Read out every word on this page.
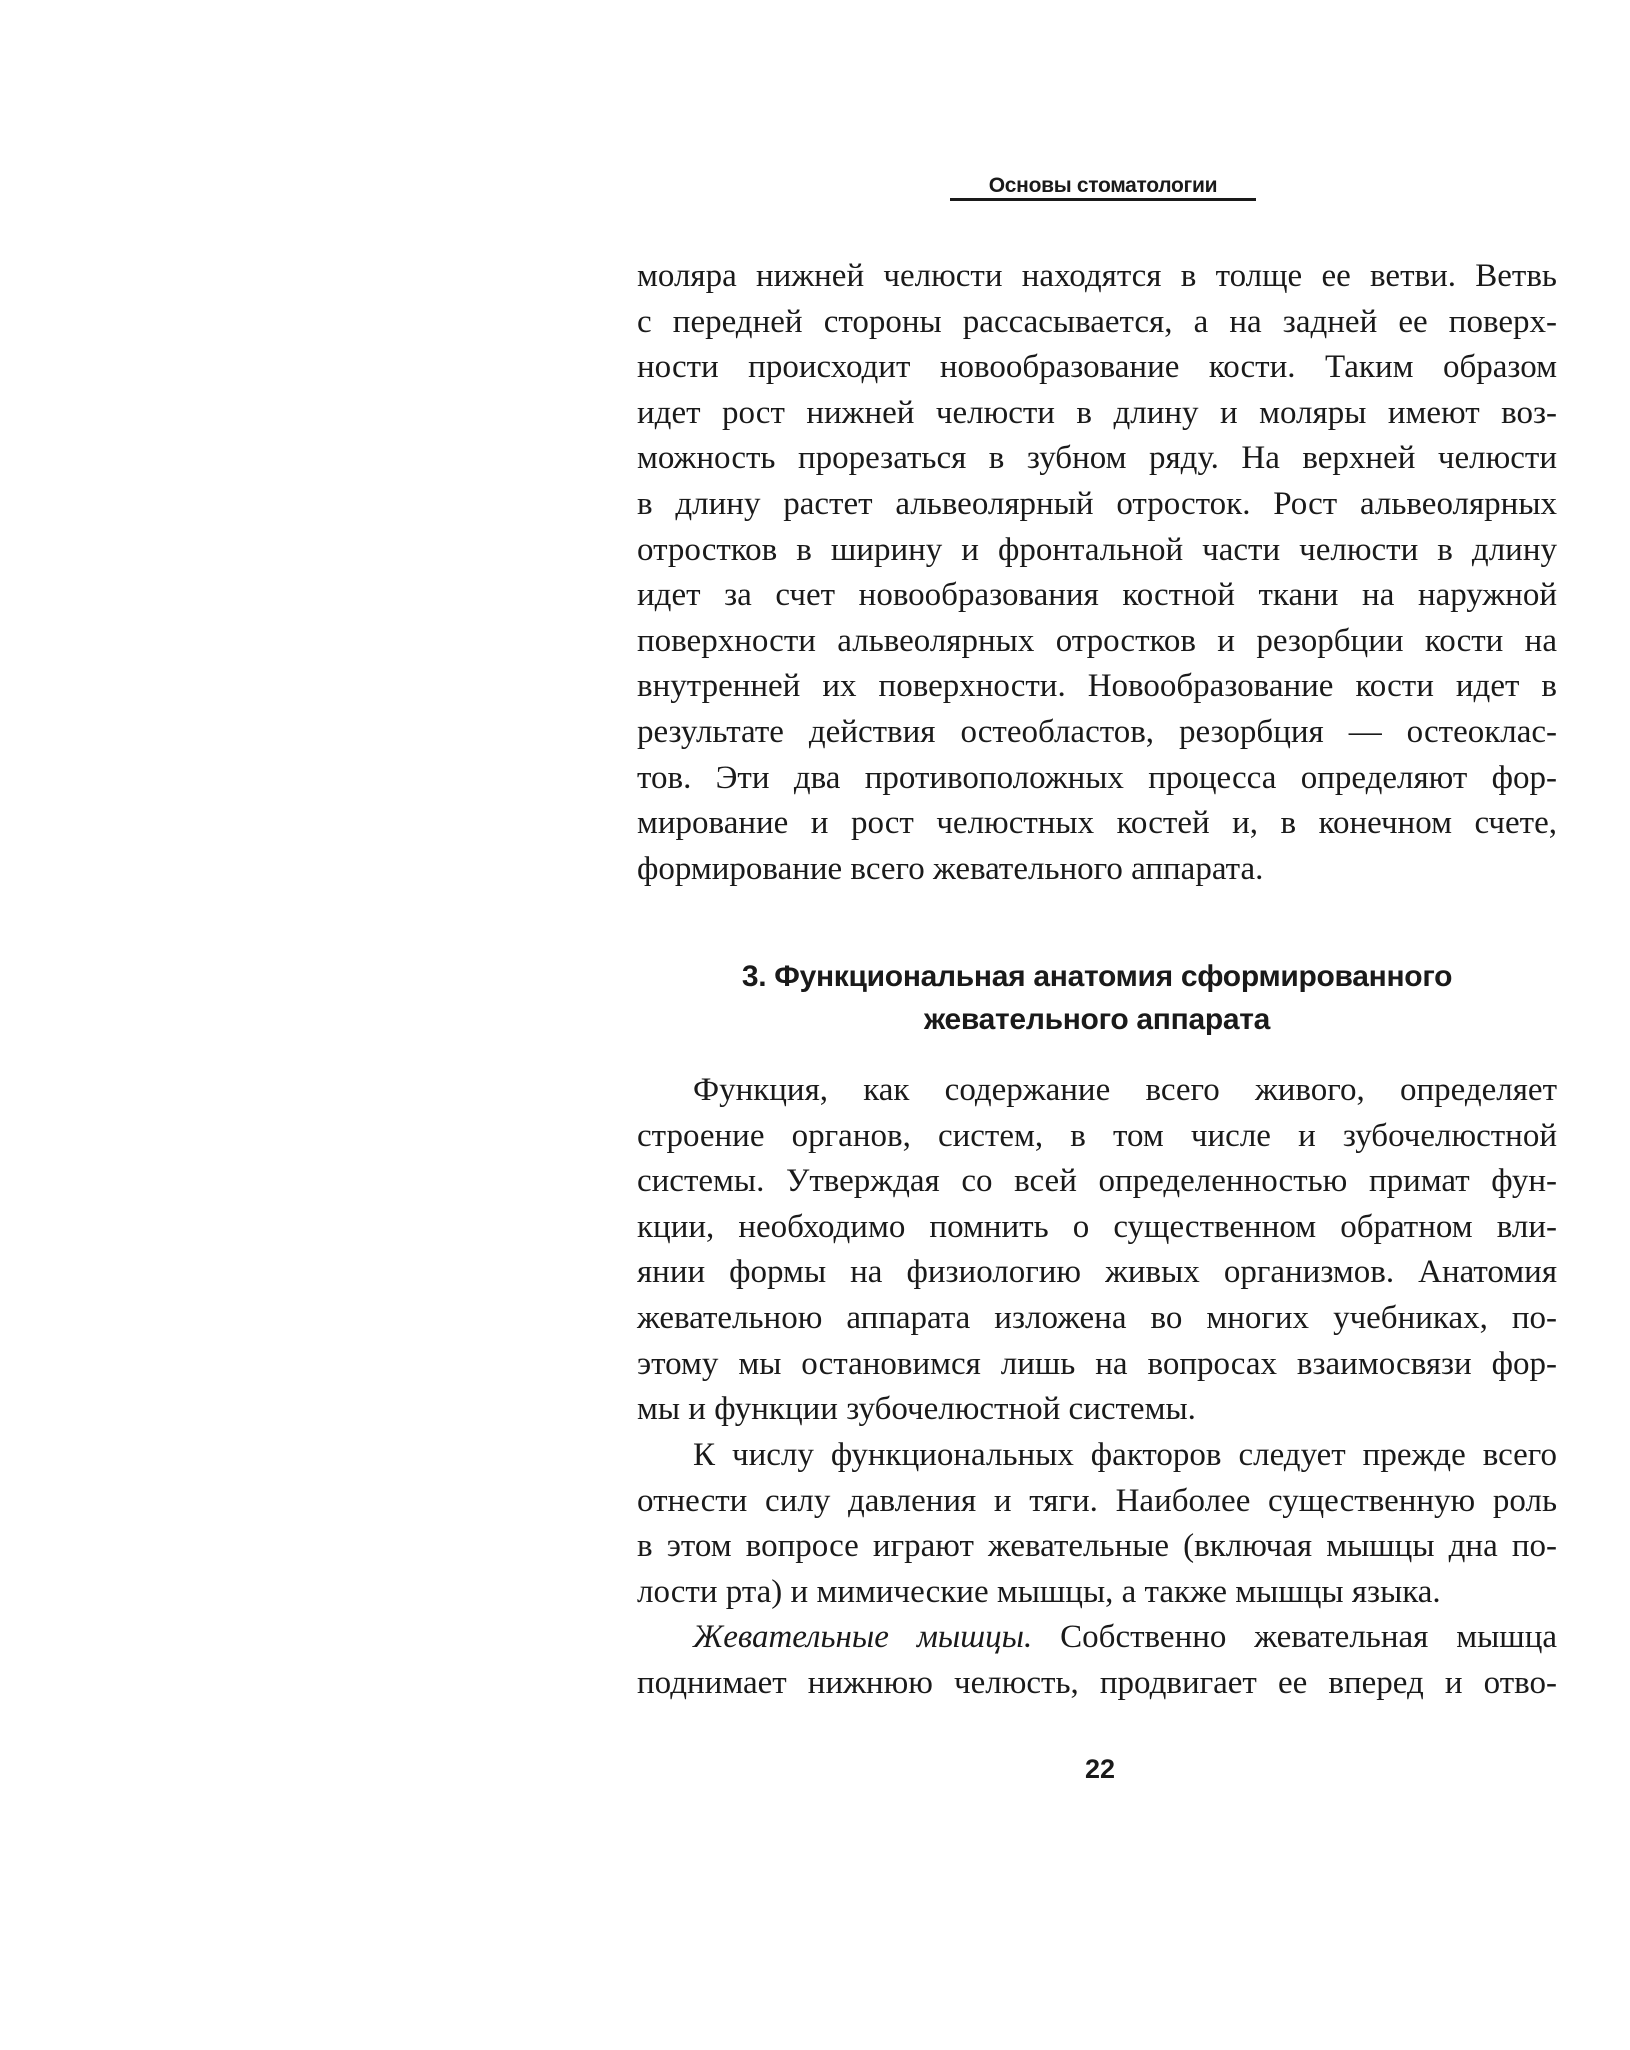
Основы стоматологии
моляра нижней челюсти находятся в толще ее ветви. Ветвь
с передней стороны рассасывается, а на задней ее поверх-
ности происходит новообразование кости. Таким образом
идет рост нижней челюсти в длину и моляры имеют воз-
можность прорезаться в зубном ряду. На верхней челюсти
в длину растет альвеолярный отросток. Рост альвеолярных
отростков в ширину и фронтальной части челюсти в длину
идет за счет новообразования костной ткани на наружной
поверхности альвеолярных отростков и резорбции кости на
внутренней их поверхности. Новообразование кости идет в
результате действия остеобластов, резорбция — остеоклас-
тов. Эти два противоположных процесса определяют фор-
мирование и рост челюстных костей и, в конечном счете,
формирование всего жевательного аппарата.
3. Функциональная анатомия сформированного
жевательного аппарата
Функция, как содержание всего живого, определяет
строение органов, систем, в том числе и зубочелюстной
системы. Утверждая со всей определенностью примат фун-
кции, необходимо помнить о существенном обратном вли-
янии формы на физиологию живых организмов. Анатомия
жевательною аппарата изложена во многих учебниках, по-
этому мы остановимся лишь на вопросах взаимосвязи фор-
мы и функции зубочелюстной системы.
К числу функциональных факторов следует прежде всего
отнести силу давления и тяги. Наиболее существенную роль
в этом вопросе играют жевательные (включая мышцы дна по-
лости рта) и мимические мышцы, а также мышцы языка.
Жевательные мышцы. Собственно жевательная мышца
поднимает нижнюю челюсть, продвигает ее вперед и отво-
22
